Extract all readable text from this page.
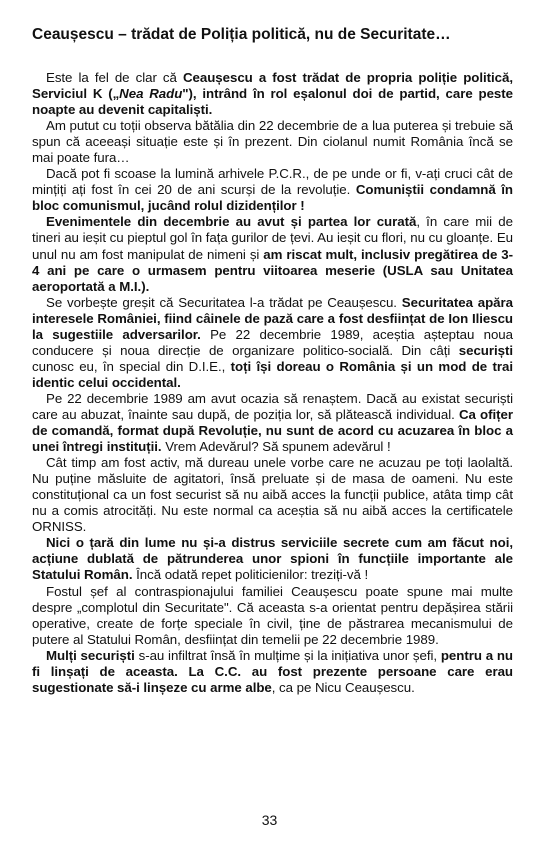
Ceaușescu – trădat de Poliția politică, nu de Securitate…

Este la fel de clar că Ceaușescu a fost trădat de propria poliție politică, Serviciul K („Nea Radu"), intrând în rol eșalonul doi de partid, care peste noapte au devenit capitaliști.

Am putut cu toții observa bătălia din 22 decembrie de a lua puterea și trebuie să spun că aceeași situație este și în prezent. Din ciolanul numit România încă se mai poate fura…

Dacă pot fi scoase la lumină arhivele P.C.R., de pe unde or fi, v-ați cruci cât de mințiți ați fost în cei 20 de ani scurși de la revoluție. Comuniștii condamnă în bloc comunismul, jucând rolul dizidenților !

Evenimentele din decembrie au avut și partea lor curată, în care mii de tineri au ieșit cu pieptul gol în fața gurilor de țevi. Au ieșit cu flori, nu cu gloanțe. Eu unul nu am fost manipulat de nimeni și am riscat mult, inclusiv pregătirea de 3-4 ani pe care o urmasem pentru viitoarea meserie (USLA sau Unitatea aeroportată a M.I.).

Se vorbește greșit că Securitatea l-a trădat pe Ceaușescu. Securitatea apăra interesele României, fiind câinele de pază care a fost desființat de Ion Iliescu la sugestiile adversarilor. Pe 22 decembrie 1989, aceștia așteptau noua conducere și noua direcție de organizare politico-socială. Din câți securiști cunosc eu, în special din D.I.E., toți își doreau o România și un mod de trai identic celui occidental.

Pe 22 decembrie 1989 am avut ocazia să renaștem. Dacă au existat securiști care au abuzat, înainte sau după, de poziția lor, să plătească individual. Ca ofițer de comandă, format după Revoluție, nu sunt de acord cu acuzarea în bloc a unei întregi instituții. Vrem Adevărul? Să spunem adevărul !

Cât timp am fost activ, mă dureau unele vorbe care ne acuzau pe toți laolaltă. Nu puține măsluite de agitatori, însă preluate și de masa de oameni. Nu este constituțional ca un fost securist să nu aibă acces la funcții publice, atâta timp cât nu a comis atrocități. Nu este normal ca aceștia să nu aibă acces la certificatele ORNISS.

Nici o țară din lume nu și-a distrus serviciile secrete cum am făcut noi, acțiune dublată de pătrunderea unor spioni în funcțiile importante ale Statului Român. Încă odată repet politicienilor: treziți-vă !

Fostul șef al contraspionajului familiei Ceaușescu poate spune mai multe despre „complotul din Securitate". Că aceasta s-a orientat pentru depășirea stării operative, create de forțe speciale în civil, ține de păstrarea mecanismului de putere al Statului Român, desființat din temelii pe 22 decembrie 1989.

Mulți securiști s-au infiltrat însă în mulțime și la inițiativa unor șefi, pentru a nu fi linșați de aceasta. La C.C. au fost prezente persoane care erau sugestionate să-i linșeze cu arme albe, ca pe Nicu Ceaușescu.

33
